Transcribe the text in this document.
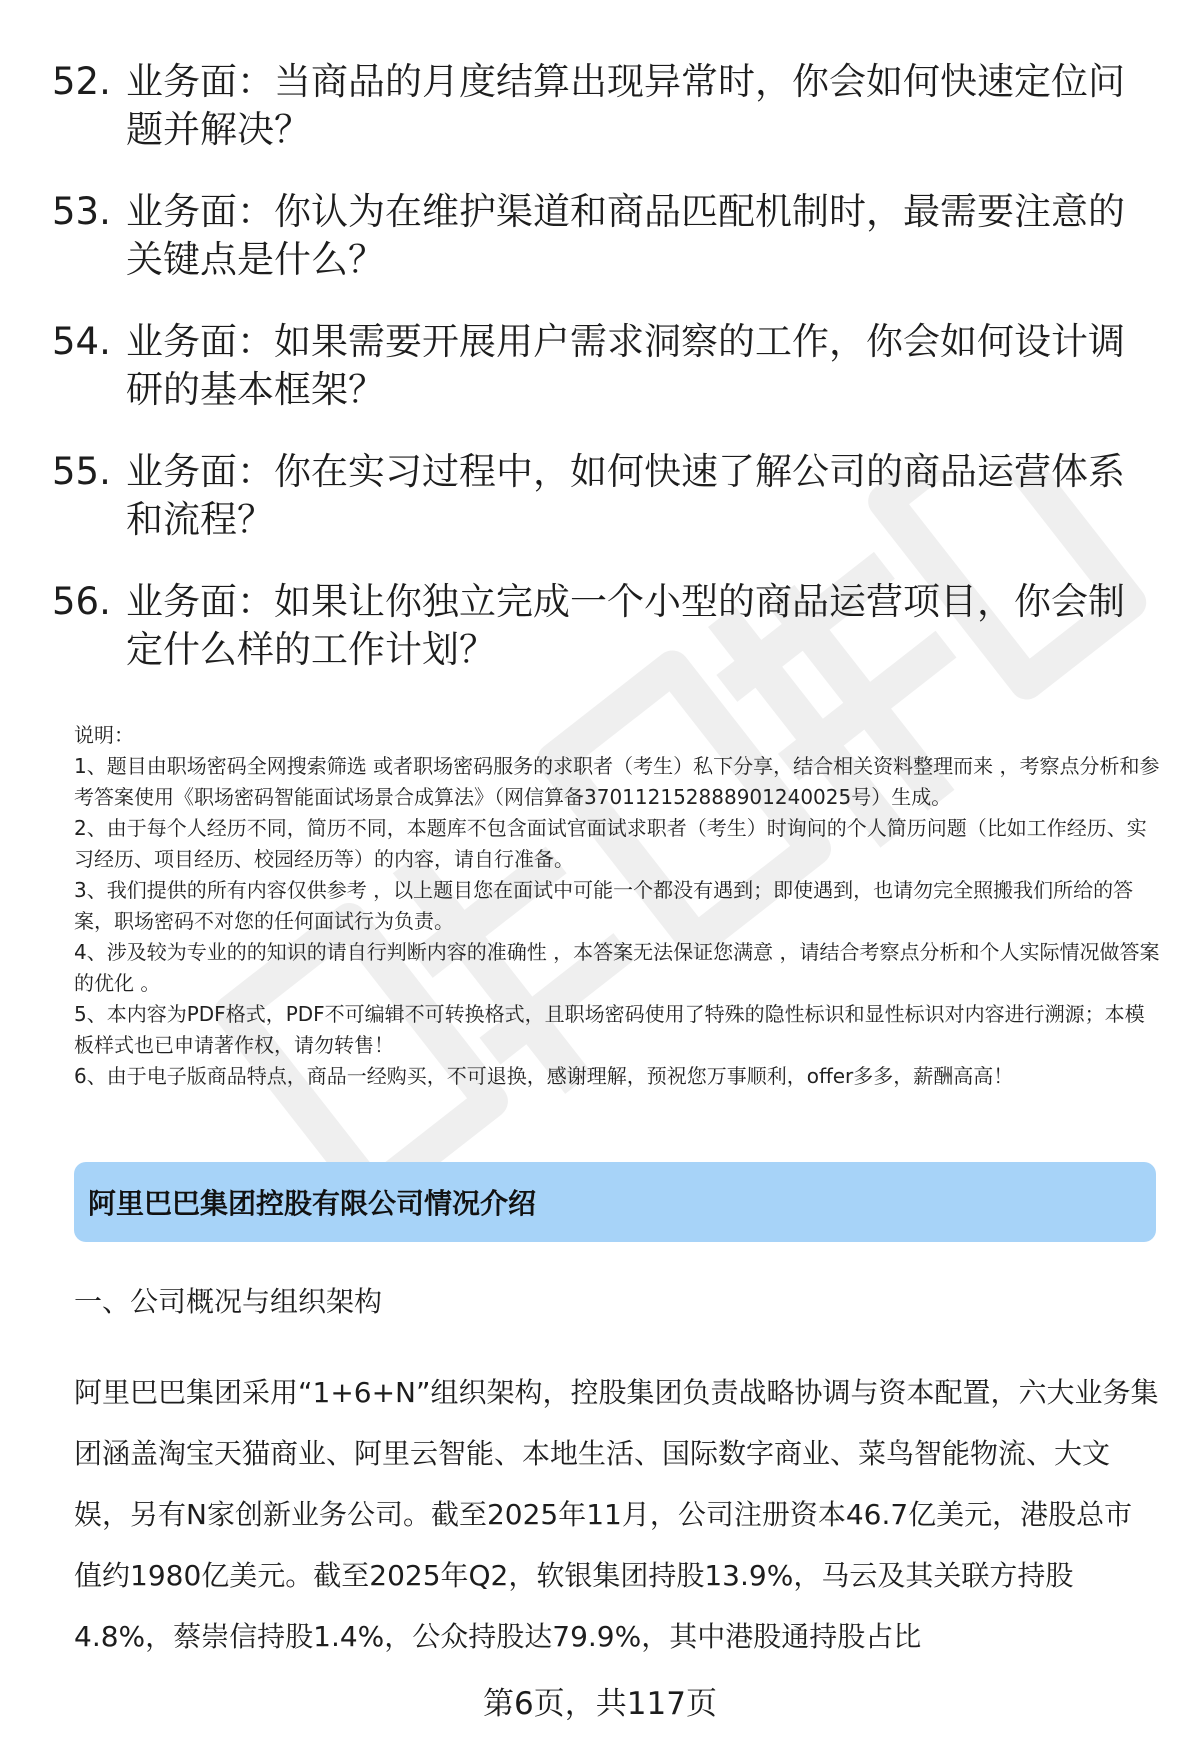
52. 业务面：当商品的月度结算出现异常时，你会如何快速定位问题并解决？
53. 业务面：你认为在维护渠道和商品匹配机制时，最需要注意的关键点是什么？
54. 业务面：如果需要开展用户需求洞察的工作，你会如何设计调研的基本框架？
55. 业务面：你在实习过程中，如何快速了解公司的商品运营体系和流程？
56. 业务面：如果让你独立完成一个小型的商品运营项目，你会制定什么样的工作计划？

说明：

1、题目由职场密码全网搜索筛选 或者职场密码服务的求职者（考生）私下分享，结合相关资料整理而来 ，考察点分析和参考答案使用《职场密码智能面试场景合成算法》（网信算备370112152888901240025号）生成。

2、由于每个人经历不同，简历不同，本题库不包含面试官面试求职者（考生）时询问的个人简历问题（比如工作经历、实习经历、项目经历、校园经历等）的内容，请自行准备。

3、我们提供的所有内容仅供参考 ，以上题目您在面试中可能一个都没有遇到；即使遇到，也请勿完全照搬我们所给的答案，职场密码不对您的任何面试行为负责。

4、涉及较为专业的的知识的请自行判断内容的准确性 ，本答案无法保证您满意 ，请结合考察点分析和个人实际情况做答案的优化 。

5、本内容为PDF格式，PDF不可编辑不可转换格式，且职场密码使用了特殊的隐性标识和显性标识对内容进行溯源；本模板样式也已申请著作权，请勿转售！

6、由于电子版商品特点，商品一经购买，不可退换，感谢理解，预祝您万事顺利，offer多多，薪酬高高！

阿里巴巴集团控股有限公司情况介绍
一、公司概况与组织架构

阿里巴巴集团采用“1+6+N”组织架构，控股集团负责战略协调与资本配置，六大业务集团涵盖淘宝天猫商业、阿里云智能、本地生活、国际数字商业、菜鸟智能物流、大文娱，另有N家创新业务公司。截至2025年11月，公司注册资本46.7亿美元，港股总市值约1980亿美元。截至2025年Q2，软银集团持股13.9%，马云及其关联方持股4.8%，蔡崇信持股1.4%，公众持股达79.9%，其中港股通持股占比

第6页，共117页
